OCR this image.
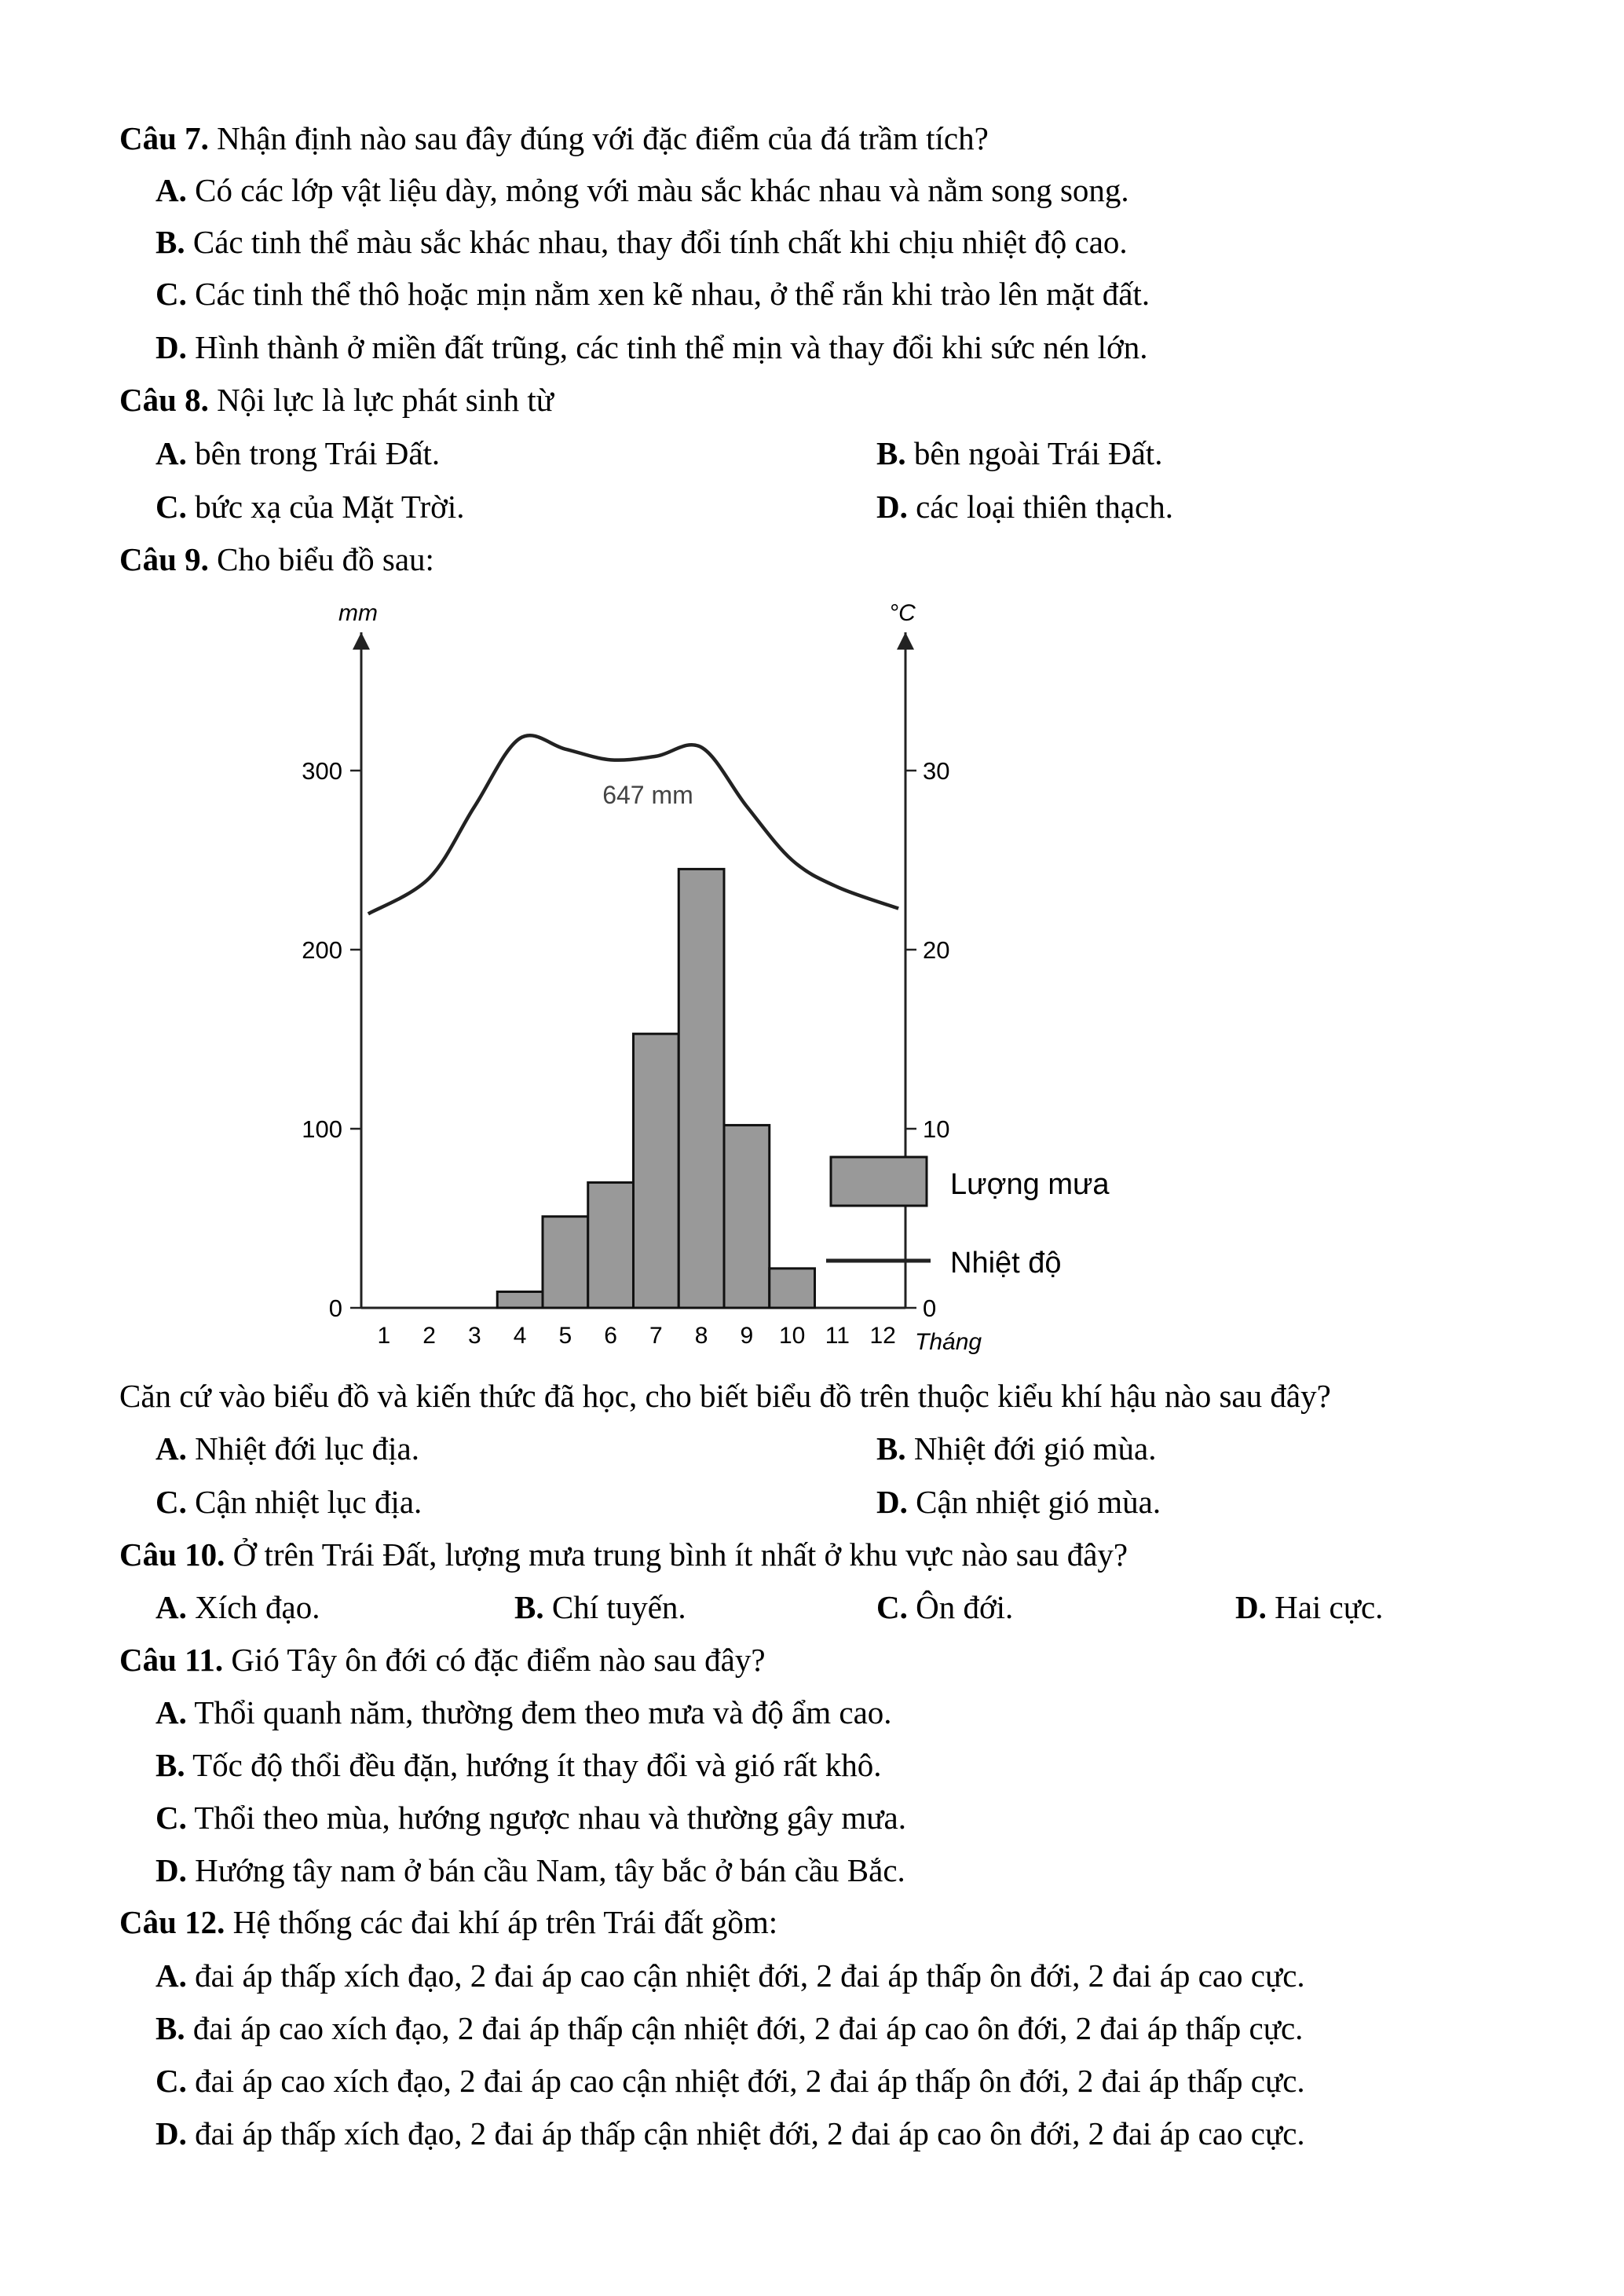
Câu 7. Nhận định nào sau đây đúng với đặc điểm của đá trầm tích?
A. Có các lớp vật liệu dày, mỏng với màu sắc khác nhau và nằm song song.
B. Các tinh thể màu sắc khác nhau, thay đổi tính chất khi chịu nhiệt độ cao.
C. Các tinh thể thô hoặc mịn nằm xen kẽ nhau, ở thể rắn khi trào lên mặt đất.
D. Hình thành ở miền đất trũng, các tinh thể mịn và thay đổi khi sức nén lớn.
Câu 8. Nội lực là lực phát sinh từ
A. bên trong Trái Đất.	B. bên ngoài Trái Đất.
C. bức xạ của Mặt Trời.	D. các loại thiên thạch.
Câu 9. Cho biểu đồ sau:
mm	°C
0
100
200
300
0
10
20
30
1 2 3 4 5 6 7 8 9 10 11 12 Tháng
647 mm
Lượng mưa
Nhiệt độ
Căn cứ vào biểu đồ và kiến thức đã học, cho biết biểu đồ trên thuộc kiểu khí hậu nào sau đây?
A. Nhiệt đới lục địa.	B. Nhiệt đới gió mùa.
C. Cận nhiệt lục địa.	D. Cận nhiệt gió mùa.
Câu 10. Ở trên Trái Đất, lượng mưa trung bình ít nhất ở khu vực nào sau đây?
A. Xích đạo.	B. Chí tuyến.	C. Ôn đới.	D. Hai cực.
Câu 11. Gió Tây ôn đới có đặc điểm nào sau đây?
A. Thổi quanh năm, thường đem theo mưa và độ ẩm cao.
B. Tốc độ thổi đều đặn, hướng ít thay đổi và gió rất khô.
C. Thổi theo mùa, hướng ngược nhau và thường gây mưa.
D. Hướng tây nam ở bán cầu Nam, tây bắc ở bán cầu Bắc.
Câu 12. Hệ thống các đai khí áp trên Trái đất gồm:
A. đai áp thấp xích đạo, 2 đai áp cao cận nhiệt đới, 2 đai áp thấp ôn đới, 2 đai áp cao cực.
B. đai áp cao xích đạo, 2 đai áp thấp cận nhiệt đới, 2 đai áp cao ôn đới, 2 đai áp thấp cực.
C. đai áp cao xích đạo, 2 đai áp cao cận nhiệt đới, 2 đai áp thấp ôn đới, 2 đai áp thấp cực.
D. đai áp thấp xích đạo, 2 đai áp thấp cận nhiệt đới, 2 đai áp cao ôn đới, 2 đai áp cao cực.
